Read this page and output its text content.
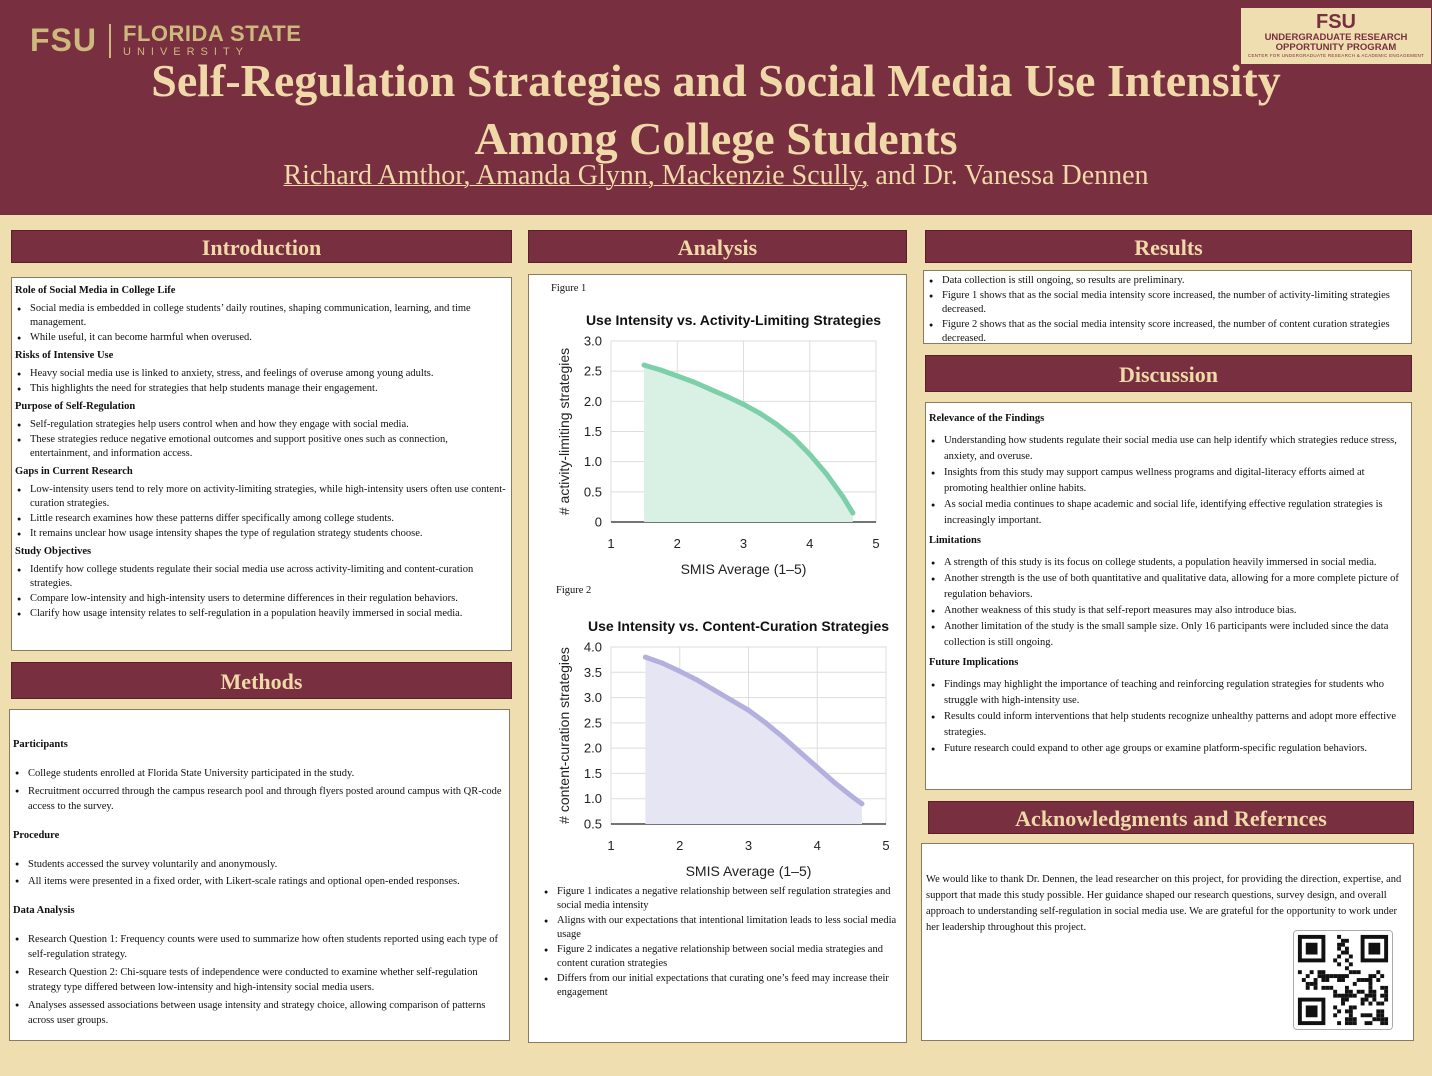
FSU FLORIDA STATE
UNIVERSITY
FSU
UNDERGRADUATE RESEARCH
OPPORTUNITY PROGRAM
CENTER FOR UNDERGRADUATE RESEARCH & ACADEMIC ENGAGEMENT
Self-Regulation Strategies and Social Media Use Intensity
Among College Students
Richard Amthor, Amanda Glynn, Mackenzie Scully, and Dr. Vanessa Dennen
Introduction
Role of Social Media in College Life
● Social media is embedded in college students’ daily routines, shaping communication, learning, and time management.
● While useful, it can become harmful when overused.
Risks of Intensive Use
● Heavy social media use is linked to anxiety, stress, and feelings of overuse among young adults.
● This highlights the need for strategies that help students manage their engagement.
Purpose of Self-Regulation
● Self-regulation strategies help users control when and how they engage with social media.
● These strategies reduce negative emotional outcomes and support positive ones such as connection, entertainment, and information access.
Gaps in Current Research
● Low-intensity users tend to rely more on activity-limiting strategies, while high-intensity users often use content-curation strategies.
● Little research examines how these patterns differ specifically among college students.
● It remains unclear how usage intensity shapes the type of regulation strategy students choose.
Study Objectives
● Identify how college students regulate their social media use across activity-limiting and content-curation strategies.
● Compare low-intensity and high-intensity users to determine differences in their regulation behaviors.
● Clarify how usage intensity relates to self-regulation in a population heavily immersed in social media.
Methods
Participants
● College students enrolled at Florida State University participated in the study.
● Recruitment occurred through the campus research pool and through flyers posted around campus with QR-code access to the survey.
Procedure
● Students accessed the survey voluntarily and anonymously.
● All items were presented in a fixed order, with Likert-scale ratings and optional open-ended responses.
Data Analysis
● Research Question 1: Frequency counts were used to summarize how often students reported using each type of self-regulation strategy.
● Research Question 2: Chi-square tests of independence were conducted to examine whether self-regulation strategy type differed between low-intensity and high-intensity social media users.
● Analyses assessed associations between usage intensity and strategy choice, allowing comparison of patterns across user groups.
Analysis
Figure 1
Use Intensity vs. Activity-Limiting Strategies
1	2	3	4	5
0
0.5
1.0
1.5
2.0
2.5
3.0
SMIS Average (1–5)
# activity-limiting strategies
Figure 2
Use Intensity vs. Content-Curation Strategies
1	2	3	4	5
0.5
1.0
1.5
2.0
2.5
3.0
3.5
4.0
SMIS Average (1–5)
# content-curation strategies
● Figure 1 indicates a negative relationship between self regulation strategies and social media intensity
● Aligns with our expectations that intentional limitation leads to less social media usage
● Figure 2 indicates a negative relationship between social media strategies and content curation strategies
● Differs from our initial expectations that curating one’s feed may increase their engagement
Results
● Data collection is still ongoing, so results are preliminary.
● Figure 1 shows that as the social media intensity score increased, the number of activity-limiting strategies decreased.
● Figure 2 shows that as the social media intensity score increased, the number of content curation strategies decreased.
Discussion
Relevance of the Findings
● Understanding how students regulate their social media use can help identify which strategies reduce stress, anxiety, and overuse.
● Insights from this study may support campus wellness programs and digital-literacy efforts aimed at promoting healthier online habits.
● As social media continues to shape academic and social life, identifying effective regulation strategies is increasingly important.
Limitations
● A strength of this study is its focus on college students, a population heavily immersed in social media.
● Another strength is the use of both quantitative and qualitative data, allowing for a more complete picture of regulation behaviors.
● Another weakness of this study is that self-report measures may also introduce bias.
● Another limitation of the study is the small sample size. Only 16 participants were included since the data collection is still ongoing.
Future Implications
● Findings may highlight the importance of teaching and reinforcing regulation strategies for students who struggle with high-intensity use.
● Results could inform interventions that help students recognize unhealthy patterns and adopt more effective strategies.
● Future research could expand to other age groups or examine platform-specific regulation behaviors.
Acknowledgments and Refernces

We would like to thank Dr. Dennen, the lead researcher on this project, for providing the direction, expertise, and support that made this study possible. Her guidance shaped our research questions, survey design, and overall approach to understanding self-regulation in social media use. We are grateful for the opportunity to work under her leadership throughout this project.
